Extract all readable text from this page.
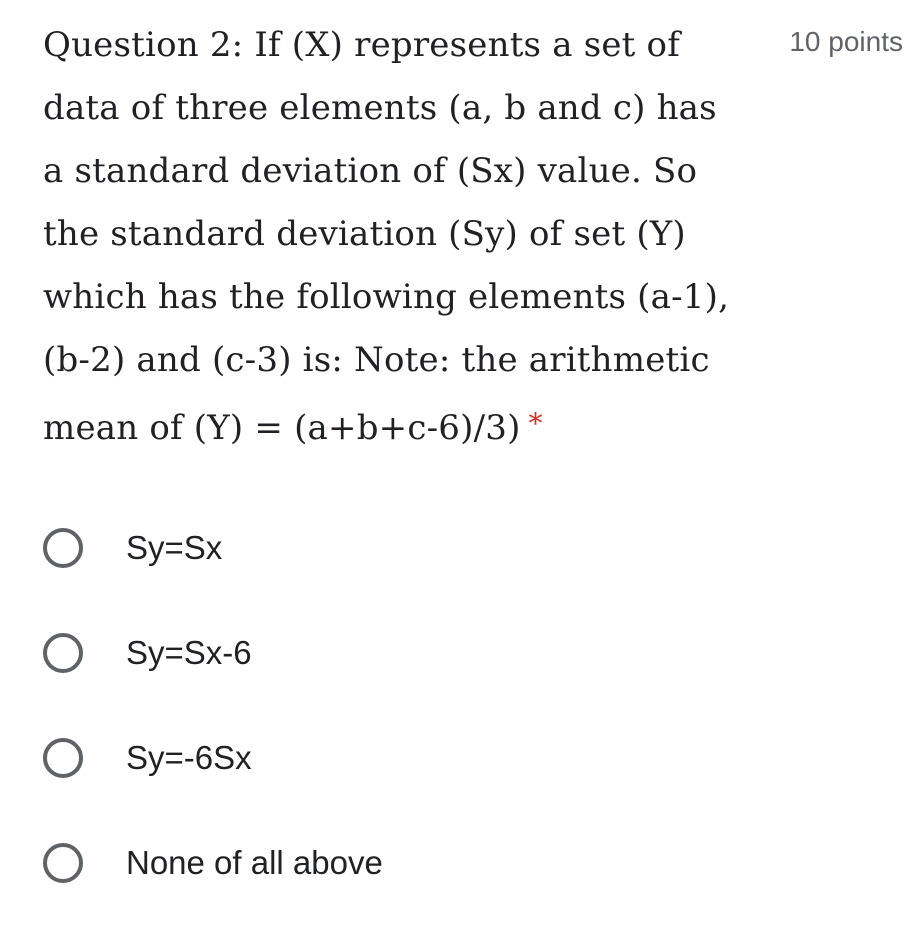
Question 2: If (X) represents a set of data of three elements (a, b and c) has a standard deviation of (Sx) value. So the standard deviation (Sy) of set (Y) which has the following elements (a-1), (b-2) and (c-3) is: Note: the arithmetic mean of (Y) = (a+b+c-6)/3) *
10 points
Sy=Sx
Sy=Sx-6
Sy=-6Sx
None of all above
